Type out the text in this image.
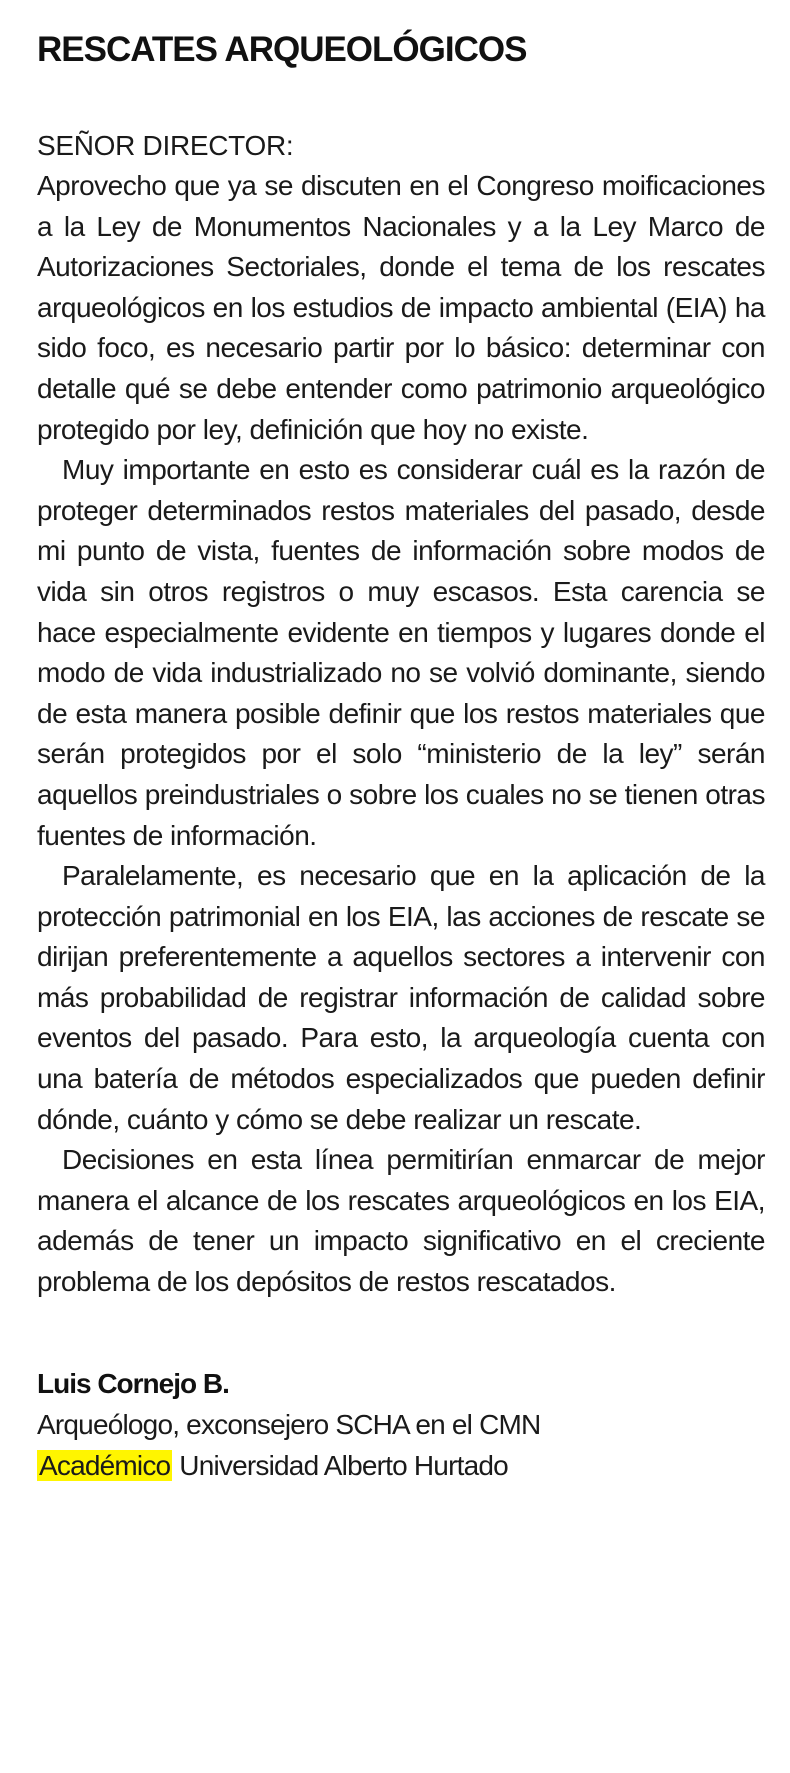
RESCATES ARQUEOLÓGICOS
SEÑOR DIRECTOR:

Aprovecho que ya se discuten en el Congreso moificaciones a la Ley de Monumentos Nacionales y a la Ley Marco de Autorizaciones Sectoriales, donde el tema de los rescates arqueológicos en los estudios de impacto ambiental (EIA) ha sido foco, es necesario partir por lo básico: determinar con detalle qué se debe entender como patrimonio arqueológico protegido por ley, definición que hoy no existe.

Muy importante en esto es considerar cuál es la razón de proteger determinados restos materiales del pasado, desde mi punto de vista, fuentes de información sobre modos de vida sin otros registros o muy escasos. Esta carencia se hace especialmente evidente en tiempos y lugares donde el modo de vida industrializado no se volvió dominante, siendo de esta manera posible definir que los restos materiales que serán protegidos por el solo “ministerio de la ley” serán aquellos preindustriales o sobre los cuales no se tienen otras fuentes de información.

Paralelamente, es necesario que en la aplicación de la protección patrimonial en los EIA, las acciones de rescate se dirijan preferentemente a aquellos sectores a intervenir con más probabilidad de registrar información de calidad sobre eventos del pasado. Para esto, la arqueología cuenta con una batería de métodos especializados que pueden definir dónde, cuánto y cómo se debe realizar un rescate.

Decisiones en esta línea permitirían enmarcar de mejor manera el alcance de los rescates arqueológicos en los EIA, además de tener un impacto significativo en el creciente problema de los depósitos de restos rescatados.

Luis Cornejo B.
Arqueólogo, exconsejero SCHA en el CMN
Académico Universidad Alberto Hurtado
